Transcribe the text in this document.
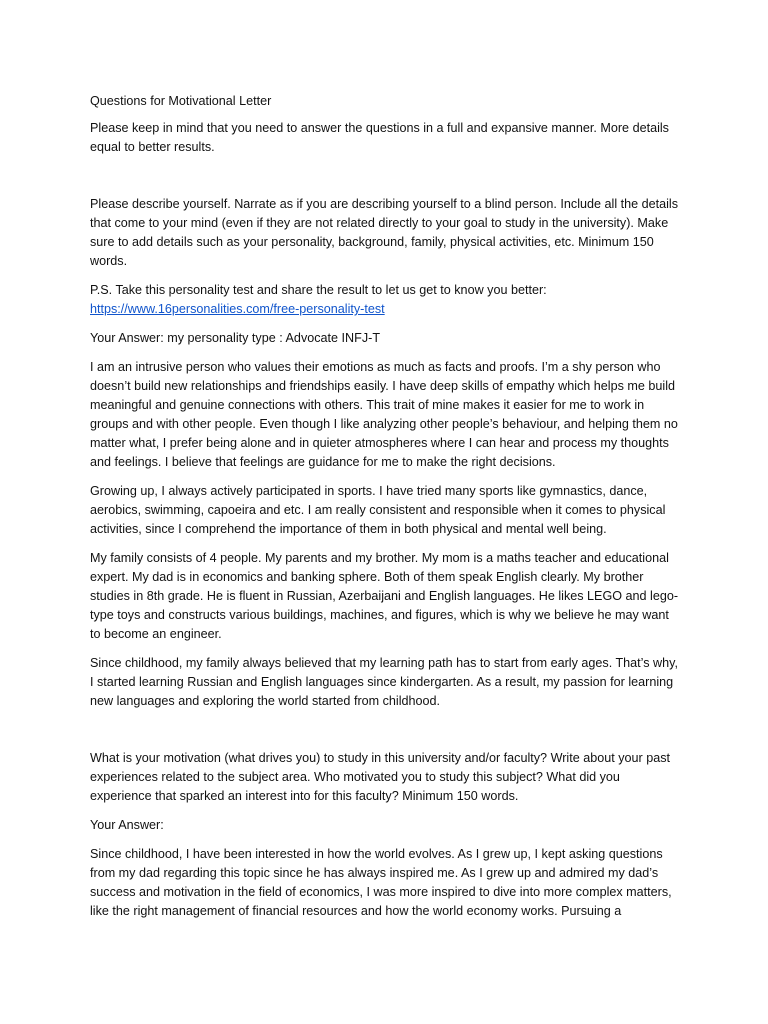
Questions for Motivational Letter

Please keep in mind that you need to answer the questions in a full and expansive manner. More details equal to better results.

Please describe yourself. Narrate as if you are describing yourself to a blind person. Include all the details that come to your mind (even if they are not related directly to your goal to study in the university). Make sure to add details such as your personality, background, family, physical activities, etc. Minimum 150 words.

P.S. Take this personality test and share the result to let us get to know you better:
https://www.16personalities.com/free-personality-test

Your Answer: my personality type : Advocate INFJ-T

I am an intrusive person who values their emotions as much as facts and proofs. I’m a shy person who doesn’t build new relationships and friendships easily. I have deep skills of empathy which helps me build meaningful and genuine connections with others. This trait of mine makes it easier for me to work in groups and with other people. Even though I like analyzing other people’s behaviour, and helping them no matter what, I prefer being alone and in quieter atmospheres where I can hear and process my thoughts and feelings. I believe that feelings are guidance for me to make the right decisions.

Growing up, I always actively participated in sports. I have tried many sports like gymnastics, dance, aerobics, swimming, capoeira and etc. I am really consistent and responsible when it comes to physical activities, since I comprehend the importance of them in both physical and mental well being.

My family consists of 4 people. My parents and my brother. My mom is a maths teacher and educational expert. My dad is in economics and banking sphere. Both of them speak English clearly. My brother studies in 8th grade. He is fluent in Russian, Azerbaijani and English languages. He likes LEGO and lego-type toys and constructs various buildings, machines, and figures, which is why we believe he may want to become an engineer.

Since childhood, my family always believed that my learning path has to start from early ages. That’s why, I started learning Russian and English languages since kindergarten. As a result, my passion for learning new languages and exploring the world started from childhood.

What is your motivation (what drives you) to study in this university and/or faculty? Write about your past experiences related to the subject area. Who motivated you to study this subject? What did you experience that sparked an interest into for this faculty? Minimum 150 words.

Your Answer:

Since childhood, I have been interested in how the world evolves. As I grew up, I kept asking questions from my dad regarding this topic since he has always inspired me. As I grew up and admired my dad’s success and motivation in the field of economics, I was more inspired to dive into more complex matters, like the right management of financial resources and how the world economy works. Pursuing a
